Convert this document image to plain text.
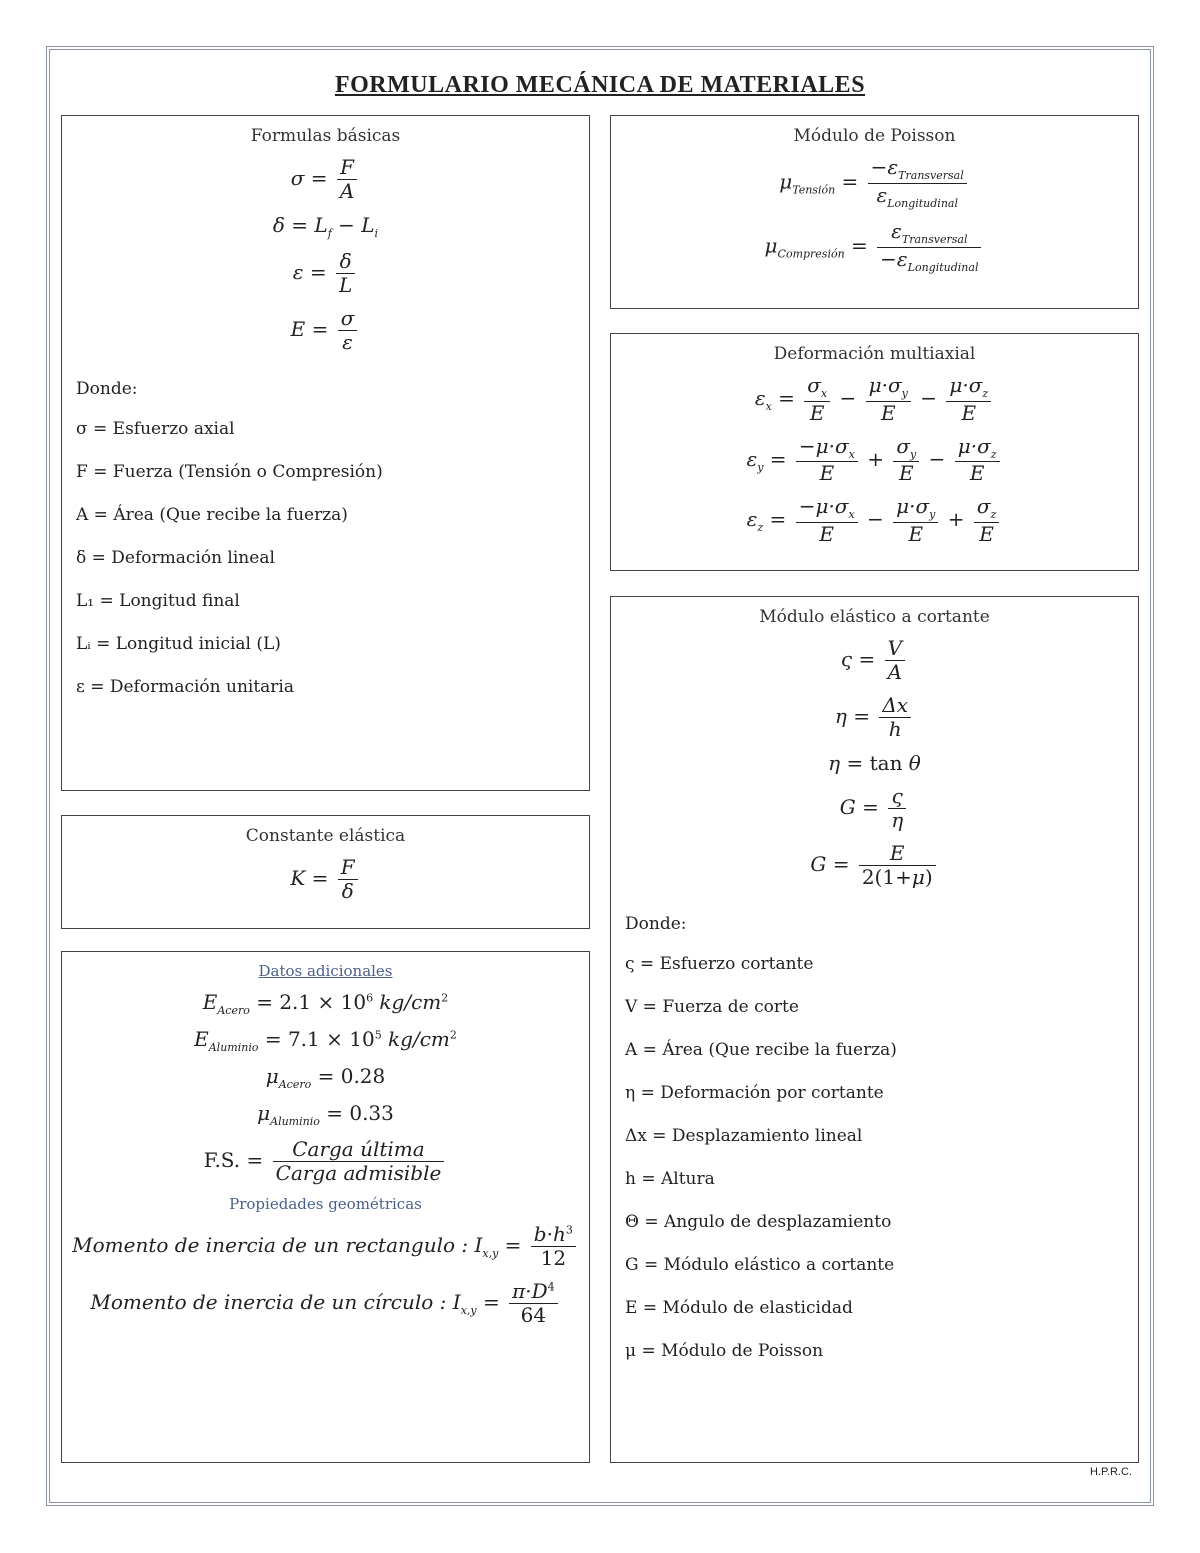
FORMULARIO MECÁNICA DE MATERIALES
Formulas básicas
$\sigma = \frac{F}{A}$
$\delta = L_f - L_i$
$\varepsilon = \frac{\delta}{L}$
$E = \frac{\sigma}{\varepsilon}$
Donde:
σ = Esfuerzo axial
F = Fuerza (Tensión o Compresión)
A = Área (Que recibe la fuerza)
δ = Deformación lineal
L₁ = Longitud final
Lᵢ = Longitud inicial (L)
ε = Deformación unitaria
Constante elástica
$K = \frac{F}{\delta}$
Datos adicionales
$E_{Acero} = 2.1 \times 10^6$ $kg/cm^2$
$E_{Aluminio} = 7.1 \times 10^5$ $kg/cm^2$
$\mu_{Acero} = 0.28$
$\mu_{Aluminio} = 0.33$
F.S. = $\frac{\text{Carga última}}{\text{Carga admisible}}$
Propiedades geométricas
Momento de inercia de un rectangulo : $I_{x,y} = \frac{b\cdot h^3}{12}$
Momento de inercia de un círculo : $I_{x,y} = \frac{\pi\cdot D^4}{64}$
Módulo de Poisson
$\mu_{Tensión} = \frac{-\varepsilon_{Transversal}}{\varepsilon_{Longitudinal}}$
$\mu_{Compresión} = \frac{\varepsilon_{Transversal}}{-\varepsilon_{Longitudinal}}$
Deformación multiaxial
$\varepsilon_x = \frac{\sigma_x}{E} - \frac{\mu\cdot\sigma_y}{E} - \frac{\mu\cdot\sigma_z}{E}$
$\varepsilon_y = \frac{-\mu\cdot\sigma_x}{E} + \frac{\sigma_y}{E} - \frac{\mu\cdot\sigma_z}{E}$
$\varepsilon_z = \frac{-\mu\cdot\sigma_x}{E} - \frac{\mu\cdot\sigma_y}{E} + \frac{\sigma_z}{E}$
Módulo elástico a cortante
$\varsigma = \frac{V}{A}$
$\eta = \frac{\Delta x}{h}$
η = tan θ
$G = \frac{\varsigma}{\eta}$
$G = \frac{E}{2(1+\mu)}$
Donde:
ς = Esfuerzo cortante
V = Fuerza de corte
A = Área (Que recibe la fuerza)
η = Deformación por cortante
Δx = Desplazamiento lineal
h = Altura
Θ = Angulo de desplazamiento
G = Módulo elástico a cortante
E = Módulo de elasticidad
μ = Módulo de Poisson
H.P.R.C.
